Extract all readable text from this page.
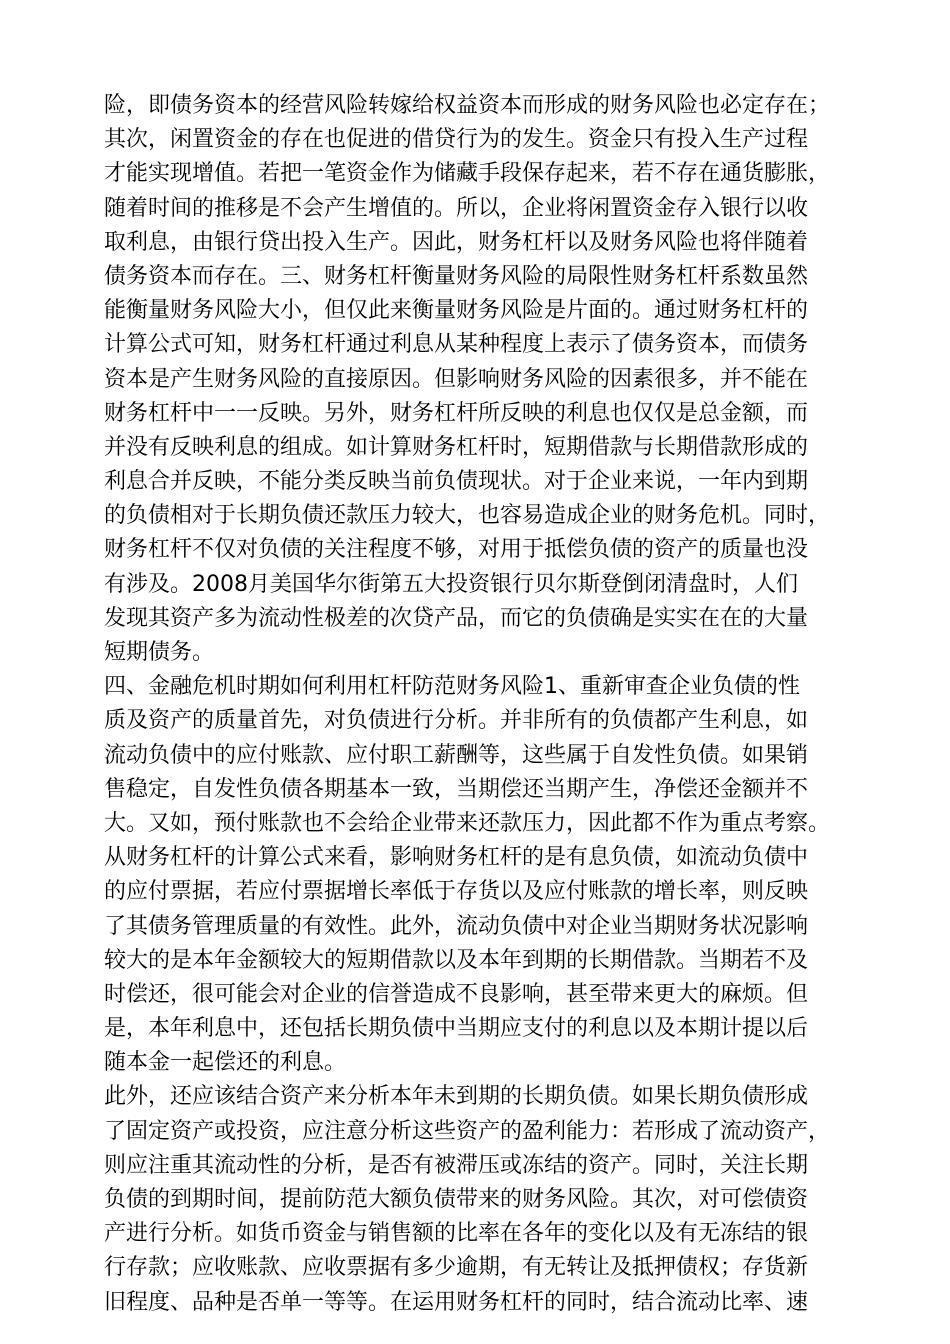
险，即债务资本的经营风险转嫁给权益资本而形成的财务风险也必定存在；
其次，闲置资金的存在也促进的借贷行为的发生。资金只有投入生产过程
才能实现增值。若把一笔资金作为储藏手段保存起来，若不存在通货膨胀，
随着时间的推移是不会产生增值的。所以，企业将闲置资金存入银行以收
取利息，由银行贷出投入生产。因此，财务杠杆以及财务风险也将伴随着
债务资本而存在。三、财务杠杆衡量财务风险的局限性财务杠杆系数虽然
能衡量财务风险大小，但仅此来衡量财务风险是片面的。通过财务杠杆的
计算公式可知，财务杠杆通过利息从某种程度上表示了债务资本，而债务
资本是产生财务风险的直接原因。但影响财务风险的因素很多，并不能在
财务杠杆中一一反映。另外，财务杠杆所反映的利息也仅仅是总金额，而
并没有反映利息的组成。如计算财务杠杆时，短期借款与长期借款形成的
利息合并反映，不能分类反映当前负债现状。对于企业来说，一年内到期
的负债相对于长期负债还款压力较大，也容易造成企业的财务危机。同时，
财务杠杆不仅对负债的关注程度不够，对用于抵偿负债的资产的质量也没
有涉及。2008月美国华尔街第五大投资银行贝尔斯登倒闭清盘时，人们
发现其资产多为流动性极差的次贷产品，而它的负债确是实实在在的大量
短期债务。
四、金融危机时期如何利用杠杆防范财务风险1、重新审查企业负债的性
质及资产的质量首先，对负债进行分析。并非所有的负债都产生利息，如
流动负债中的应付账款、应付职工薪酬等，这些属于自发性负债。如果销
售稳定，自发性负债各期基本一致，当期偿还当期产生，净偿还金额并不
大。又如，预付账款也不会给企业带来还款压力，因此都不作为重点考察。
从财务杠杆的计算公式来看，影响财务杠杆的是有息负债，如流动负债中
的应付票据，若应付票据增长率低于存货以及应付账款的增长率，则反映
了其债务管理质量的有效性。此外，流动负债中对企业当期财务状况影响
较大的是本年金额较大的短期借款以及本年到期的长期借款。当期若不及
时偿还，很可能会对企业的信誉造成不良影响，甚至带来更大的麻烦。但
是，本年利息中，还包括长期负债中当期应支付的利息以及本期计提以后
随本金一起偿还的利息。
此外，还应该结合资产来分析本年未到期的长期负债。如果长期负债形成
了固定资产或投资，应注意分析这些资产的盈利能力：若形成了流动资产，
则应注重其流动性的分析，是否有被滞压或冻结的资产。同时，关注长期
负债的到期时间，提前防范大额负债带来的财务风险。其次，对可偿债资
产进行分析。如货币资金与销售额的比率在各年的变化以及有无冻结的银
行存款；应收账款、应收票据有多少逾期，有无转让及抵押债权；存货新
旧程度、品种是否单一等等。在运用财务杠杆的同时，结合流动比率、速
